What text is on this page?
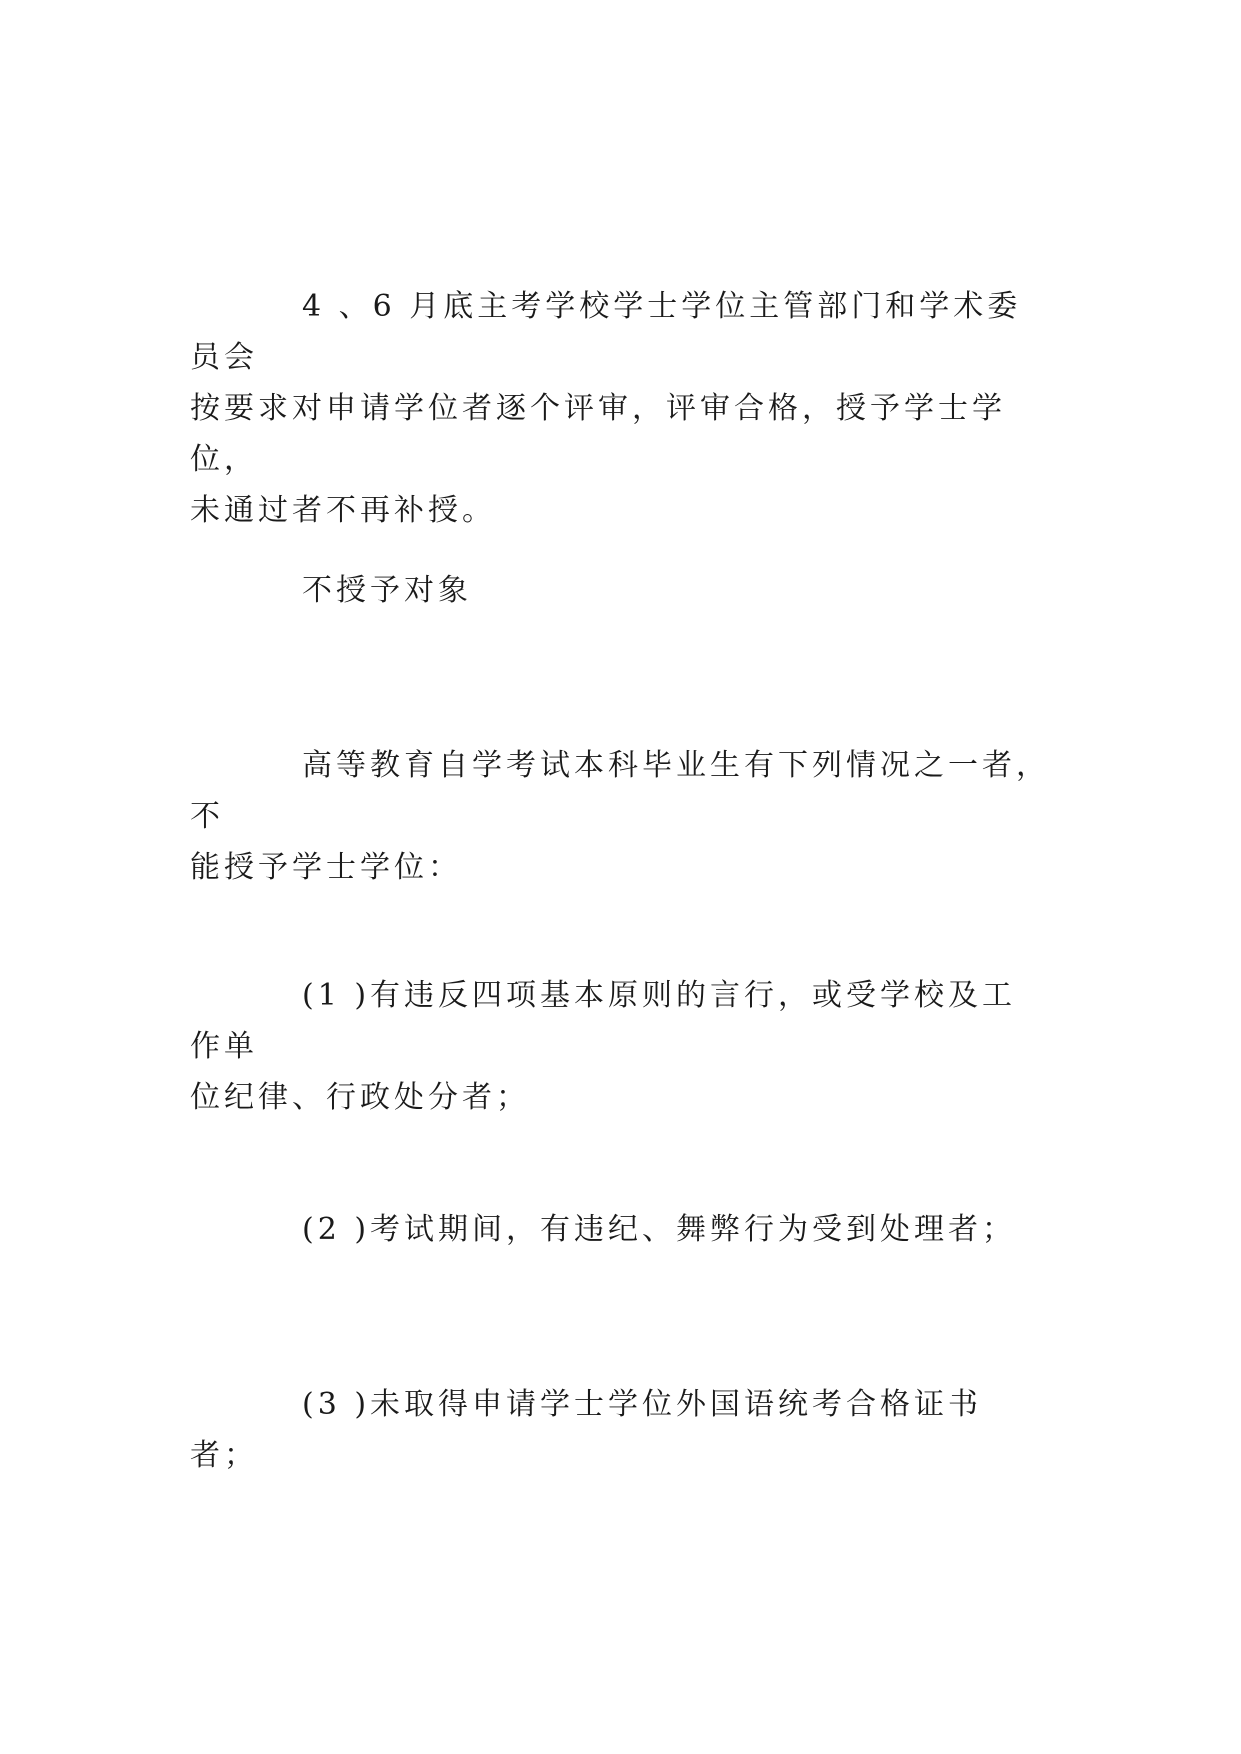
4 、6 月底主考学校学士学位主管部门和学术委员会
按要求对申请学位者逐个评审，评审合格，授予学士学位，
未通过者不再补授。

不授予对象

高等教育自学考试本科毕业生有下列情况之一者，不
能授予学士学位：

(1 )有违反四项基本原则的言行，或受学校及工作单
位纪律、行政处分者；

(2 )考试期间，有违纪、舞弊行为受到处理者；

(3 )未取得申请学士学位外国语统考合格证书者；
